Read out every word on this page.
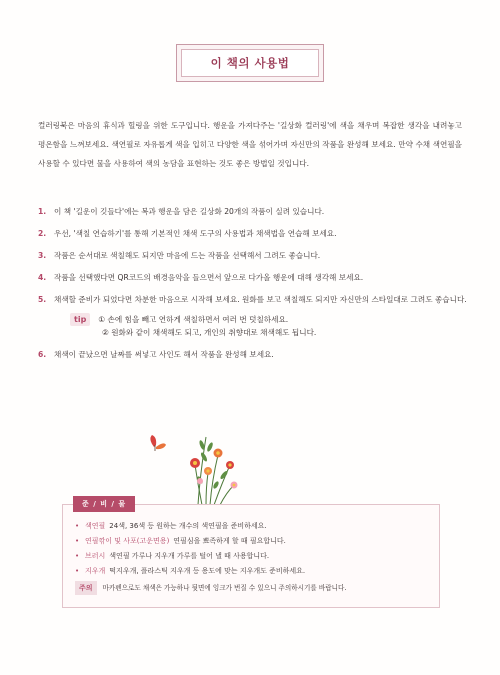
이 책의 사용법

컬러링북은 마음의 휴식과 힐링을 위한 도구입니다. 행운을 가져다주는 '길상화 컬러링'에 색을 채우며 복잡한 생각을 내려놓고 평온함을 느껴보세요. 색연필로 자유롭게 색을 입히고 다양한 색을 섞어가며 자신만의 작품을 완성해 보세요. 만약 수채 색연필을 사용할 수 있다면 물을 사용하여 색의 농담을 표현하는 것도 좋은 방법일 것입니다.

1.	이 책 '길운이 깃들다'에는 복과 행운을 담은 길상화 20개의 작품이 실려 있습니다.
2.	우선, '색칠 연습하기'를 통해 기본적인 채색 도구의 사용법과 채색법을 연습해 보세요.
3.	작품은 순서대로 색칠해도 되지만 마음에 드는 작품을 선택해서 그려도 좋습니다.
4.	작품을 선택했다면 QR코드의 배경음악을 들으면서 앞으로 다가올 행운에 대해 생각해 보세요.
5.	채색할 준비가 되었다면 차분한 마음으로 시작해 보세요. 원화를 보고 색칠해도 되지만 자신만의 스타일대로 그려도 좋습니다.
tip	① 손에 힘을 빼고 연하게 색칠하면서 여러 번 덧칠하세요.
② 원화와 같이 채색해도 되고, 개인의 취향대로 채색해도 됩니다.
6.	채색이 끝났으면 날짜를 써넣고 사인도 해서 작품을 완성해 보세요.
준 / 비 / 물
• 색연필 24색, 36색 등 원하는 개수의 색연필을 준비하세요.
• 연필깎이 및 사포(고운면용) 연필심을 뾰족하게 할 때 필요합니다.
• 브러시 색연필 가루나 지우개 가루를 털어 낼 때 사용합니다.
• 지우개 떡지우개, 플라스틱 지우개 등 용도에 맞는 지우개도 준비하세요.
주의	마카펜으로도 채색은 가능하나 뒷면에 잉크가 번질 수 있으니 주의하시기를 바랍니다.
